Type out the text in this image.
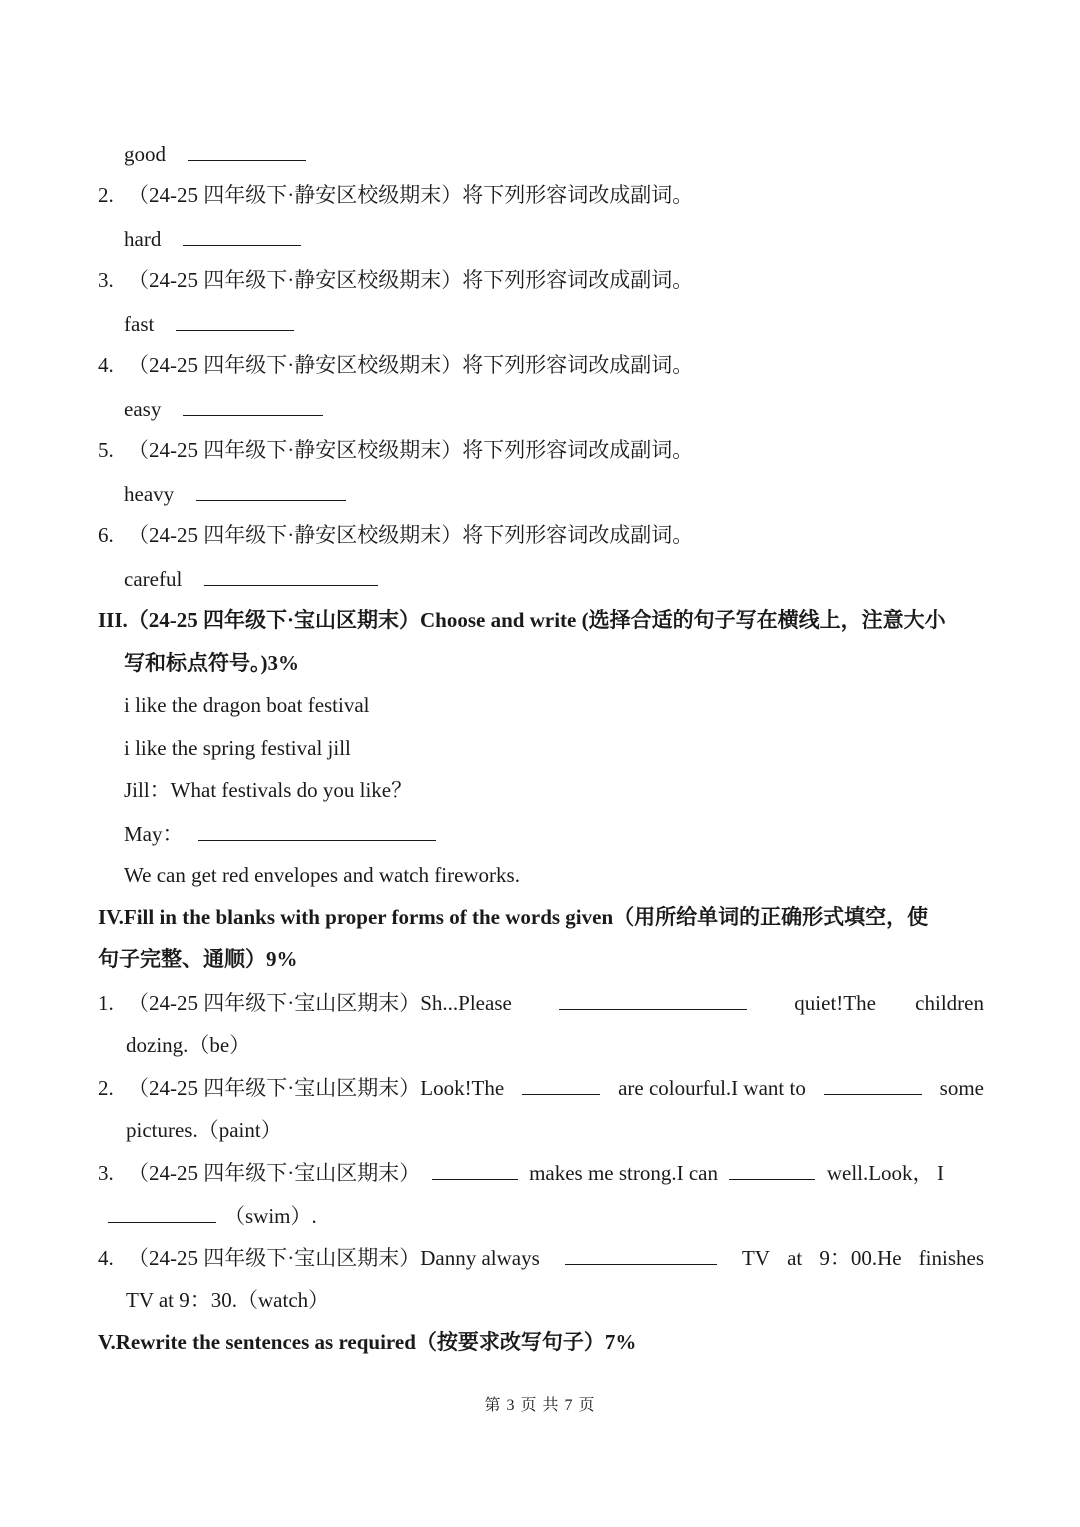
good
2. （24-25 四年级下·静安区校级期末）将下列形容词改成副词。
hard
3. （24-25 四年级下·静安区校级期末）将下列形容词改成副词。
fast
4. （24-25 四年级下·静安区校级期末）将下列形容词改成副词。
easy
5. （24-25 四年级下·静安区校级期末）将下列形容词改成副词。
heavy
6. （24-25 四年级下·静安区校级期末）将下列形容词改成副词。
careful
III.（24-25 四年级下·宝山区期末）Choose and write (选择合适的句子写在横线上，注意大小
写和标点符号。)3%
i like the dragon boat festival
i like the spring festival jill
Jill：What festivals do you like？
May：
We can get red envelopes and watch fireworks.
IV.Fill in the blanks with proper forms of the words given（用所给单词的正确形式填空，使
句子完整、通顺）9%
1. （24-25 四年级下·宝山区期末）Sh...Please	quiet!The children
dozing.（be）
2. （24-25 四年级下·宝山区期末）Look!The	are colourful.I want to	some
pictures.（paint）
3. （24-25 四年级下·宝山区期末）	makes me strong.I can	well.Look， I
（swim）.
4. （24-25 四年级下·宝山区期末）Danny always	TV at 9：00.He finishes
TV at 9：30.（watch）
V.Rewrite the sentences as required（按要求改写句子）7%
第 3 页 共 7 页
